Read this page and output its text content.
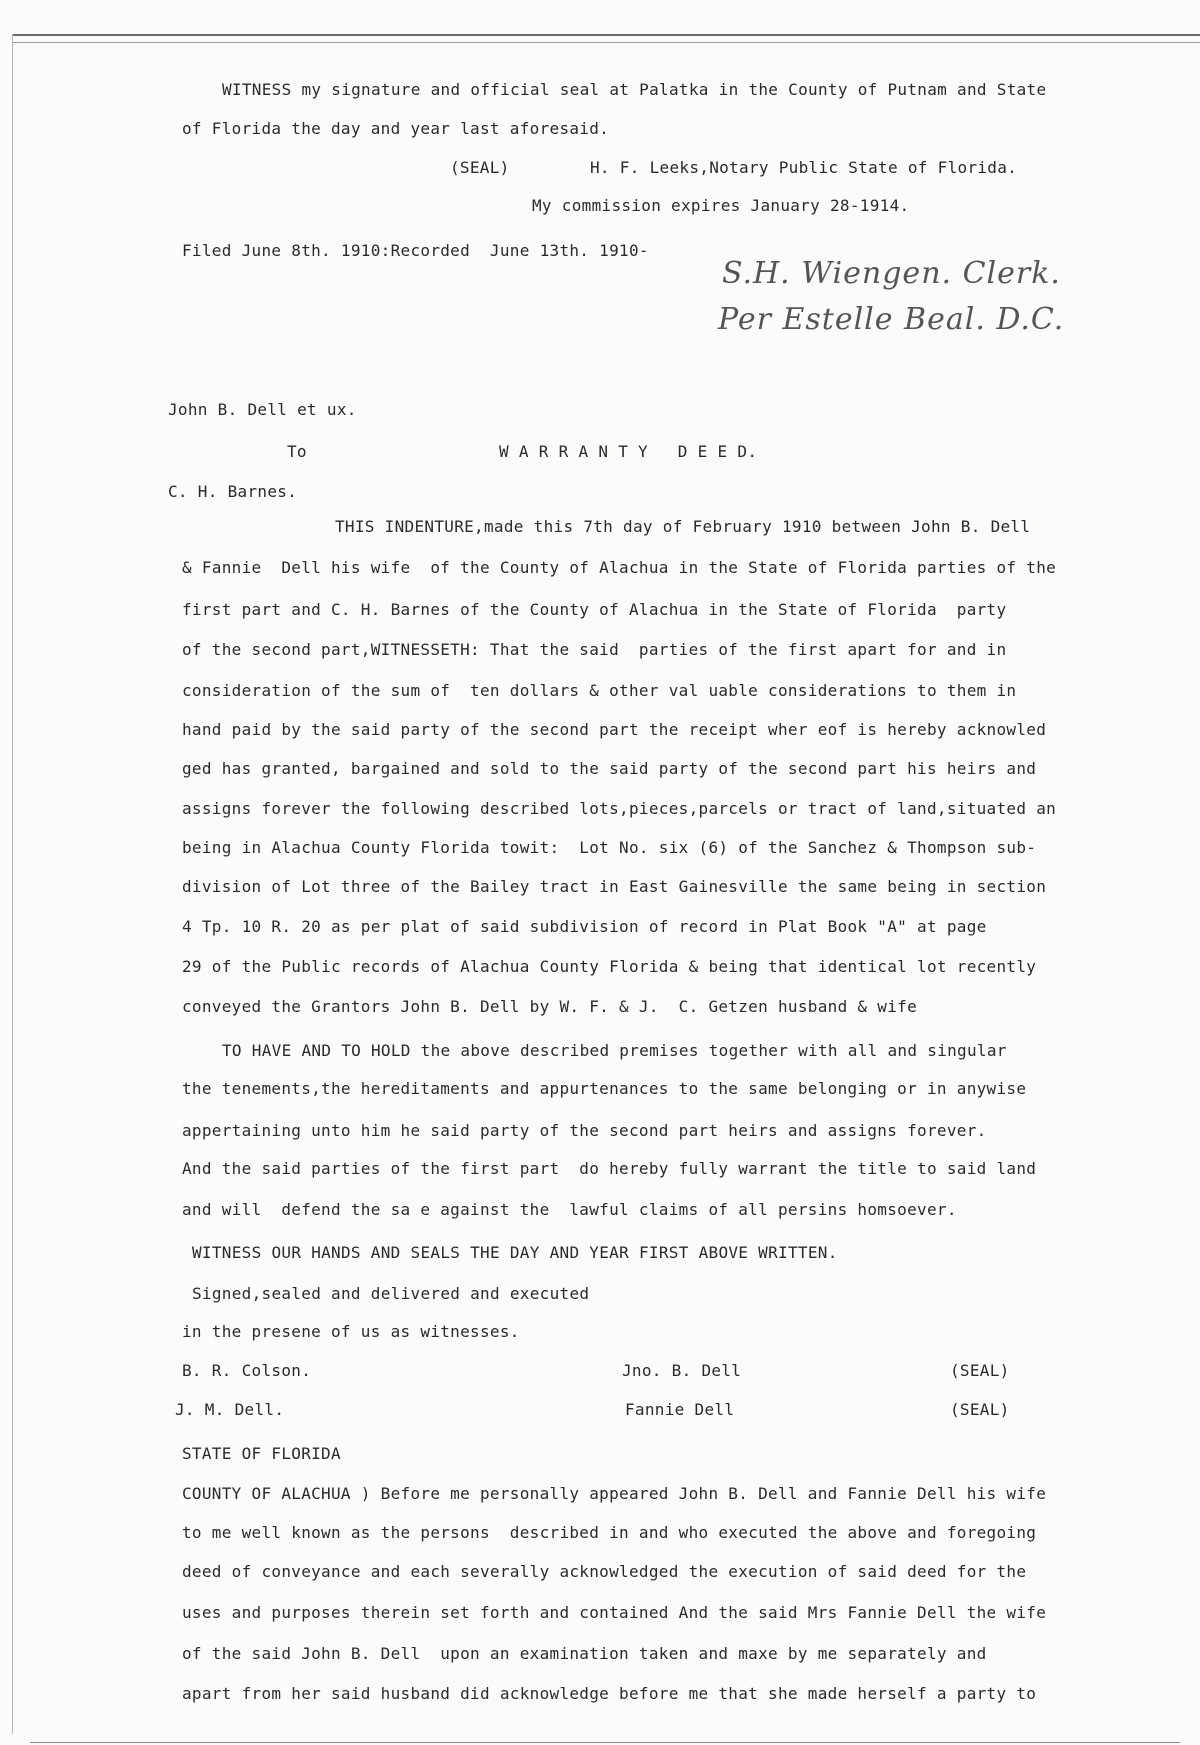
WITNESS my signature and official seal at Palatka in the County of Putnam and State
of Florida the day and year last aforesaid.
(SEAL)	H. F. Leeks,Notary Public State of Florida.
My commission expires January 28-1914.
Filed June 8th. 1910:Recorded  June 13th. 1910-
S.H. Wiengen. Clerk.
Per Estelle Beal. D.C.
John B. Dell et ux.
To	W A R R A N T Y   D E E D.
C. H. Barnes.
THIS INDENTURE,made this 7th day of February 1910 between John B. Dell
& Fannie  Dell his wife  of the County of Alachua in the State of Florida parties of the
first part and C. H. Barnes of the County of Alachua in the State of Florida  party
of the second part,WITNESSETH: That the said  parties of the first apart for and in
consideration of the sum of  ten dollars & other val uable considerations to them in
hand paid by the said party of the second part the receipt wher eof is hereby acknowled
ged has granted, bargained and sold to the said party of the second part his heirs and
assigns forever the following described lots,pieces,parcels or tract of land,situated an
being in Alachua County Florida towit:  Lot No. six (6) of the Sanchez & Thompson sub-
division of Lot three of the Bailey tract in East Gainesville the same being in section
4 Tp. 10 R. 20 as per plat of said subdivision of record in Plat Book "A" at page
29 of the Public records of Alachua County Florida & being that identical lot recently
conveyed the Grantors John B. Dell by W. F. & J.  C. Getzen husband & wife
TO HAVE AND TO HOLD the above described premises together with all and singular
the tenements,the hereditaments and appurtenances to the same belonging or in anywise
appertaining unto him he said party of the second part heirs and assigns forever.
And the said parties of the first part  do hereby fully warrant the title to said land
and will  defend the sa e against the  lawful claims of all persins homsoever.
WITNESS OUR HANDS AND SEALS THE DAY AND YEAR FIRST ABOVE WRITTEN.
Signed,sealed and delivered and executed
in the presene of us as witnesses.
B. R. Colson.	Jno. B. Dell	(SEAL)
J. M. Dell.	Fannie Dell	(SEAL)
STATE OF FLORIDA
COUNTY OF ALACHUA ) Before me personally appeared John B. Dell and Fannie Dell his wife
to me well known as the persons  described in and who executed the above and foregoing
deed of conveyance and each severally acknowledged the execution of said deed for the
uses and purposes therein set forth and contained And the said Mrs Fannie Dell the wife
of the said John B. Dell  upon an examination taken and maxe by me separately and
apart from her said husband did acknowledge before me that she made herself a party to
